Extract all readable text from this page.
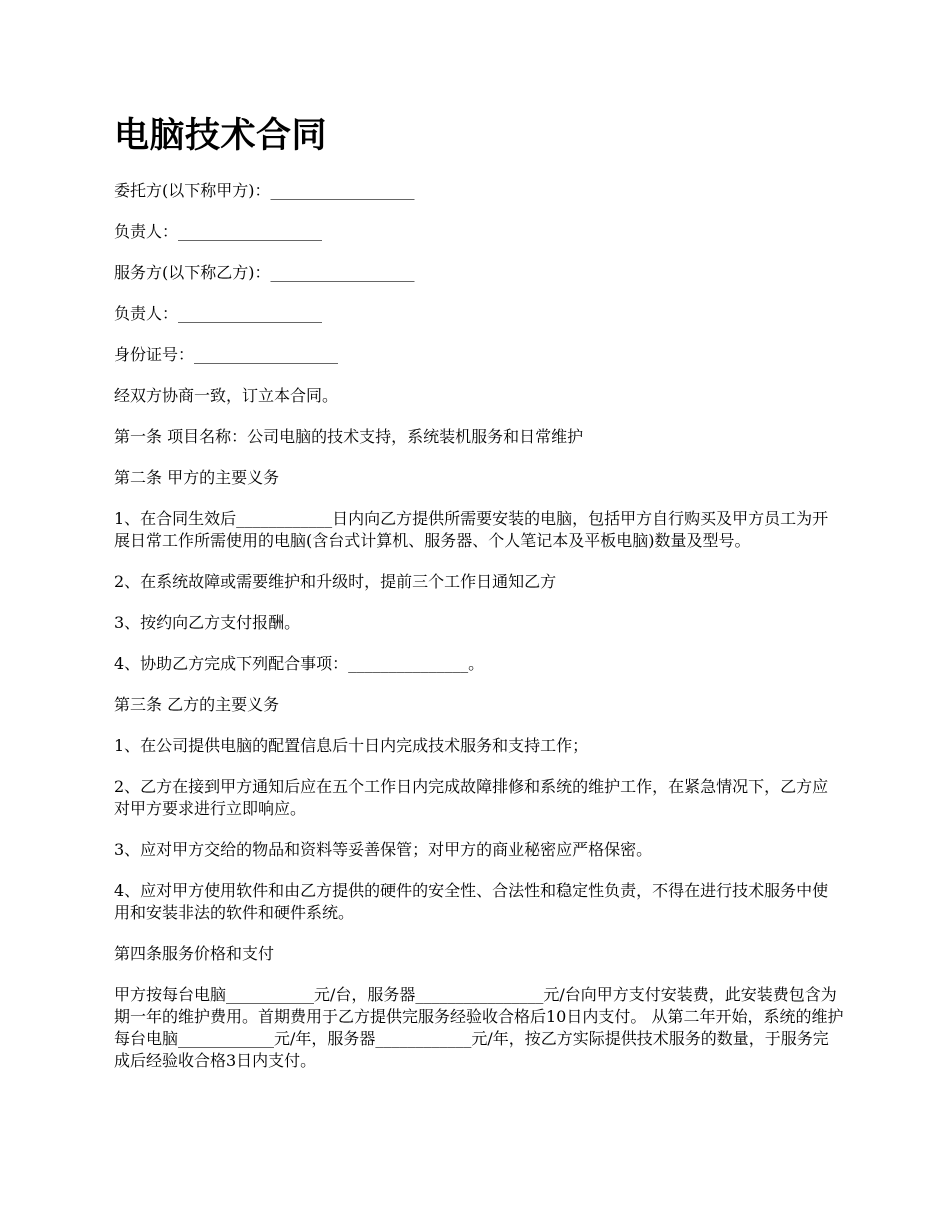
电脑技术合同

委托方(以下称甲方)：__________________

负责人：__________________

服务方(以下称乙方)：__________________

负责人：__________________

身份证号：__________________

经双方协商一致，订立本合同。

第一条 项目名称：公司电脑的技术支持，系统装机服务和日常维护

第二条 甲方的主要义务

1、在合同生效后____________日内向乙方提供所需要安装的电脑，包括甲方自行购买及甲方员工为开展日常工作所需使用的电脑(含台式计算机、服务器、个人笔记本及平板电脑)数量及型号。

2、在系统故障或需要维护和升级时，提前三个工作日通知乙方

3、按约向乙方支付报酬。

4、协助乙方完成下列配合事项：_______________。

第三条 乙方的主要义务

1、在公司提供电脑的配置信息后十日内完成技术服务和支持工作；

2、乙方在接到甲方通知后应在五个工作日内完成故障排修和系统的维护工作，在紧急情况下，乙方应对甲方要求进行立即响应。

3、应对甲方交给的物品和资料等妥善保管；对甲方的商业秘密应严格保密。

4、应对甲方使用软件和由乙方提供的硬件的安全性、合法性和稳定性负责，不得在进行技术服务中使用和安装非法的软件和硬件系统。

第四条服务价格和支付

甲方按每台电脑___________元/台，服务器________________元/台向甲方支付安装费，此安装费包含为期一年的维护费用。首期费用于乙方提供完服务经验收合格后10日内支付。 从第二年开始，系统的维护每台电脑____________元/年，服务器____________元/年，按乙方实际提供技术服务的数量，于服务完成后经验收合格3日内支付。
